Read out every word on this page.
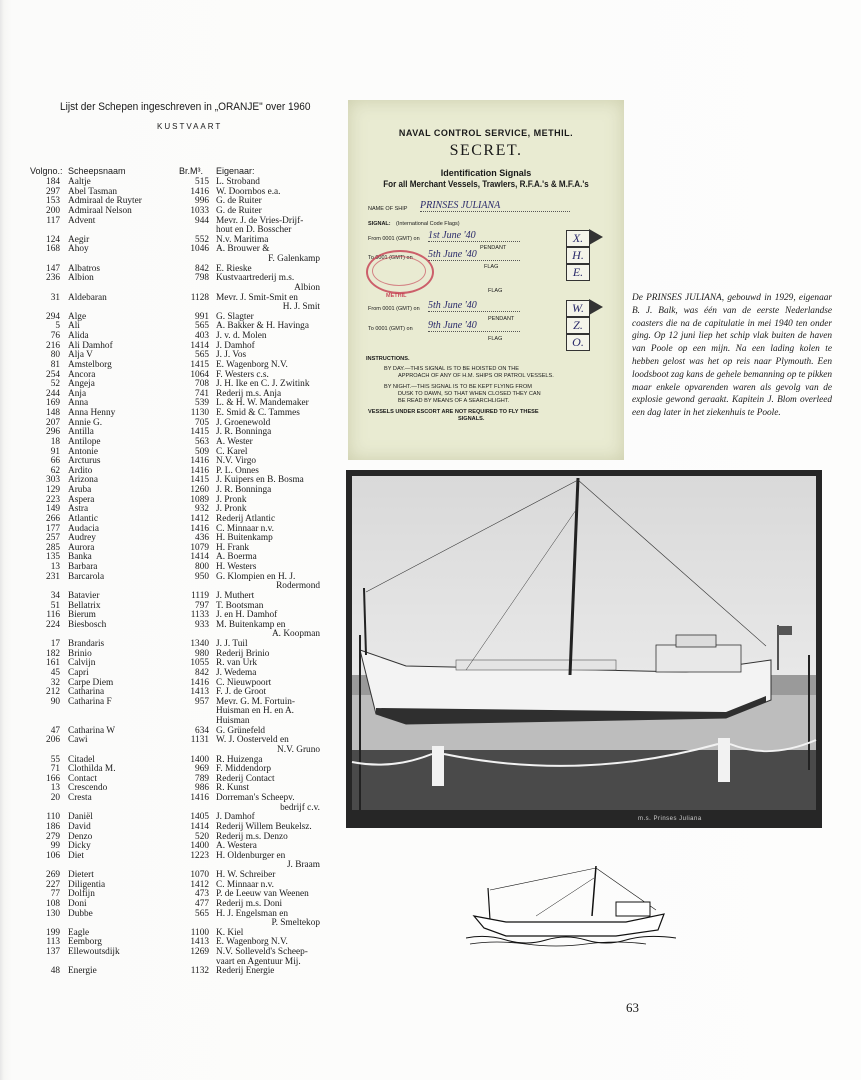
Lijst der Schepen ingeschreven in „ORANJE" over 1960
KUSTVAART
Volgno.: Scheepsnaam	Br.M³. Eigenaar:
184 Aaltje	515 L. Stroband
297 Abel Tasman	1416 W. Doornbos e.a.
153 Admiraal de Ruyter	996 G. de Ruiter
200 Admiraal Nelson	1033 G. de Ruiter
117 Advent	944 Mevr. J. de Vries-Drijf-
hout en D. Bosscher
124 Aegir	552 N.v. Maritima
168 Ahoy	1046 A. Brouwer &
F. Galenkamp
147 Albatros	842 E. Rieske
236 Albion	798 Kustvaartrederij m.s.
Albion
31 Aldebaran	1128 Mevr. J. Smit-Smit en
H. J. Smit
294 Alge	991 G. Slagter
5 Ali	565 A. Bakker & H. Havinga
76 Alida	403 J. v. d. Molen
216 Ali Damhof	1414 J. Damhof
80 Alja V	565 J. J. Vos
81 Amstelborg	1415 E. Wagenborg N.V.
254 Ancora	1064 F. Westers c.s.
52 Angeja	708 J. H. Ike en C. J. Zwitink
244 Anja	741 Rederij m.s. Anja
169 Anna	539 L. & H. W. Mandemaker
148 Anna Henny	1130 E. Smid & C. Tammes
207 Annie G.	705 J. Groenewold
296 Antilla	1415 J. R. Bonninga
18 Antilope	563 A. Wester
91 Antonie	509 C. Karel
66 Arcturus	1416 N.V. Virgo
62 Ardito	1416 P. L. Onnes
303 Arizona	1415 J. Kuipers en B. Bosma
129 Aruba	1260 J. R. Bonninga
223 Aspera	1089 J. Pronk
149 Astra	932 J. Pronk
266 Atlantic	1412 Rederij Atlantic
177 Audacia	1416 C. Minnaar n.v.
257 Audrey	436 H. Buitenkamp
285 Aurora	1079 H. Frank
135 Banka	1414 A. Boerma
13 Barbara	800 H. Westers
231 Barcarola	950 G. Klompien en H. J.
Rodermond
34 Batavier	1119 J. Muthert
51 Bellatrix	797 T. Bootsman
116 Bierum	1133 J. en H. Damhof
224 Biesbosch	933 M. Buitenkamp en
A. Koopman
17 Brandaris	1340 J. J. Tuil
182 Brinio	980 Rederij Brinio
161 Calvijn	1055 R. van Urk
45 Capri	842 J. Wedema
32 Carpe Diem	1416 C. Nieuwpoort
212 Catharina	1413 F. J. de Groot
90 Catharina F	957 Mevr. G. M. Fortuin-
Huisman en H. en A.
Huisman
47 Catharina W	634 G. Grünefeld
206 Cawi	1131 W. J. Oosterveld en
N.V. Gruno
55 Citadel	1400 R. Huizenga
71 Clothilda M.	969 F. Middendorp
166 Contact	789 Rederij Contact
13 Crescendo	986 R. Kunst
20 Cresta	1416 Dorreman's Scheepv.
bedrijf c.v.
110 Daniël	1405 J. Damhof
186 David	1414 Rederij Willem Beukelsz.
279 Denzo	520 Rederij m.s. Denzo
99 Dicky	1400 A. Westera
106 Diet	1223 H. Oldenburger en
J. Braam
269 Dietert	1070 H. W. Schreiber
227 Diligentia	1412 C. Minnaar n.v.
77 Dolfijn	473 P. de Leeuw van Weenen
108 Doni	477 Rederij m.s. Doni
130 Dubbe	565 H. J. Engelsman en
P. Smeltekop
199 Eagle	1100 K. Kiel
113 Eemborg	1413 E. Wagenborg N.V.
137 Ellewoutsdijk	1269 N.V. Solleveld's Scheep-
vaart en Agentuur Mij.
48 Energie	1132 Rederij Energie
NAVAL CONTROL SERVICE, METHIL.
SECRET.
Identification Signals
For all Merchant Vessels, Trawlers, R.F.A.'s & M.F.A.'s
NAME OF SHIP PRINSES JULIANA
SIGNAL: (International Code Flags)
From 0001 (GMT) on 1st June '40
PENDANT
To 0001 (GMT) on 5th June '40
FLAG
X.
H.
E.
METHIL
FLAG
From 0001 (GMT) on 5th June '40
PENDANT
To 0001 (GMT) on 9th June '40
FLAG
W.
Z.
O.
INSTRUCTIONS.
BY DAY.—THIS SIGNAL IS TO BE HOISTED ON THE
APPROACH OF ANY OF H.M. SHIPS OR PATROL VESSELS.
BY NIGHT.—THIS SIGNAL IS TO BE KEPT FLYING FROM
DUSK TO DAWN, SO THAT WHEN CLOSED THEY CAN
BE READ BY MEANS OF A SEARCHLIGHT.
VESSELS UNDER ESCORT ARE NOT REQUIRED TO FLY THESE
SIGNALS.
De PRINSES JULIANA, gebouwd in 1929, eigenaar B. J. Balk, was één van de eerste Nederlandse coasters die na de capitulatie in mei 1940 ten onder ging. Op 12 juni liep het schip vlak buiten de haven van Poole op een mijn. Na een lading kolen te hebben gelost was het op reis naar Plymouth. Een loodsboot zag kans de gehele bemanning op te pikken maar enkele opvarenden waren als gevolg van de explosie gewond geraakt. Kapitein J. Blom overleed een dag later in het ziekenhuis te Poole.
m.s. Prinses Juliana
63
